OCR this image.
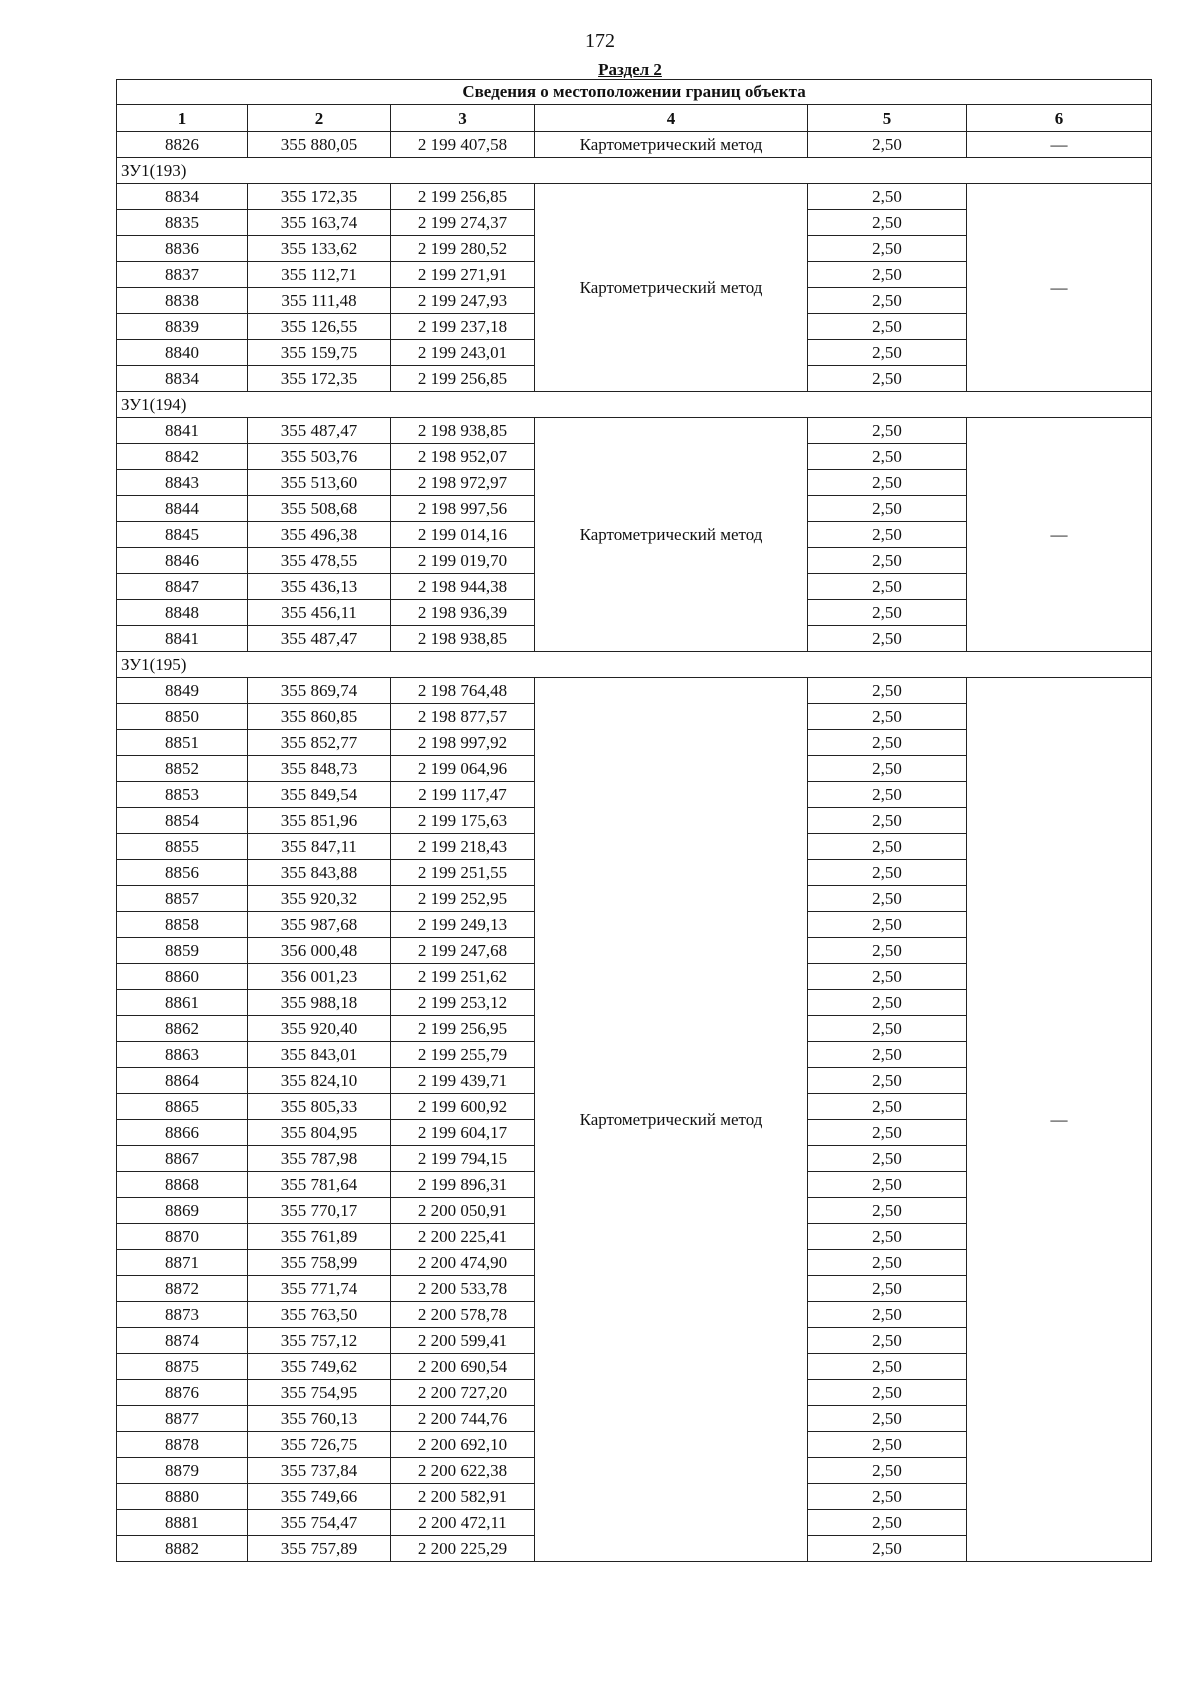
172
Раздел 2
Сведения о местоположении границ объекта					
1	2	3	4	5	6
8826	355 880,05	2 199 407,58	Картометрический метод	2,50	—
ЗУ1(193)					
8834	355 172,35	2 199 256,85	Картометрический метод	2,50	—
8835	355 163,74	2 199 274,37		2,50	
8836	355 133,62	2 199 280,52		2,50	
8837	355 112,71	2 199 271,91		2,50	
8838	355 111,48	2 199 247,93		2,50	
8839	355 126,55	2 199 237,18		2,50	
8840	355 159,75	2 199 243,01		2,50	
8834	355 172,35	2 199 256,85		2,50	
ЗУ1(194)					
8841	355 487,47	2 198 938,85	Картометрический метод	2,50	—
8842	355 503,76	2 198 952,07		2,50	
8843	355 513,60	2 198 972,97		2,50	
8844	355 508,68	2 198 997,56		2,50	
8845	355 496,38	2 199 014,16		2,50	
8846	355 478,55	2 199 019,70		2,50	
8847	355 436,13	2 198 944,38		2,50	
8848	355 456,11	2 198 936,39		2,50	
8841	355 487,47	2 198 938,85		2,50	
ЗУ1(195)					
8849	355 869,74	2 198 764,48	Картометрический метод	2,50	—
8850	355 860,85	2 198 877,57		2,50	
8851	355 852,77	2 198 997,92		2,50	
8852	355 848,73	2 199 064,96		2,50	
8853	355 849,54	2 199 117,47		2,50	
8854	355 851,96	2 199 175,63		2,50	
8855	355 847,11	2 199 218,43		2,50	
8856	355 843,88	2 199 251,55		2,50	
8857	355 920,32	2 199 252,95		2,50	
8858	355 987,68	2 199 249,13		2,50	
8859	356 000,48	2 199 247,68		2,50	
8860	356 001,23	2 199 251,62		2,50	
8861	355 988,18	2 199 253,12		2,50	
8862	355 920,40	2 199 256,95		2,50	
8863	355 843,01	2 199 255,79		2,50	
8864	355 824,10	2 199 439,71		2,50	
8865	355 805,33	2 199 600,92		2,50	
8866	355 804,95	2 199 604,17		2,50	
8867	355 787,98	2 199 794,15		2,50	
8868	355 781,64	2 199 896,31		2,50	
8869	355 770,17	2 200 050,91		2,50	
8870	355 761,89	2 200 225,41		2,50	
8871	355 758,99	2 200 474,90		2,50	
8872	355 771,74	2 200 533,78		2,50	
8873	355 763,50	2 200 578,78		2,50	
8874	355 757,12	2 200 599,41		2,50	
8875	355 749,62	2 200 690,54		2,50	
8876	355 754,95	2 200 727,20		2,50	
8877	355 760,13	2 200 744,76		2,50	
8878	355 726,75	2 200 692,10		2,50	
8879	355 737,84	2 200 622,38		2,50	
8880	355 749,66	2 200 582,91		2,50	
8881	355 754,47	2 200 472,11		2,50	
8882	355 757,89	2 200 225,29		2,50	
